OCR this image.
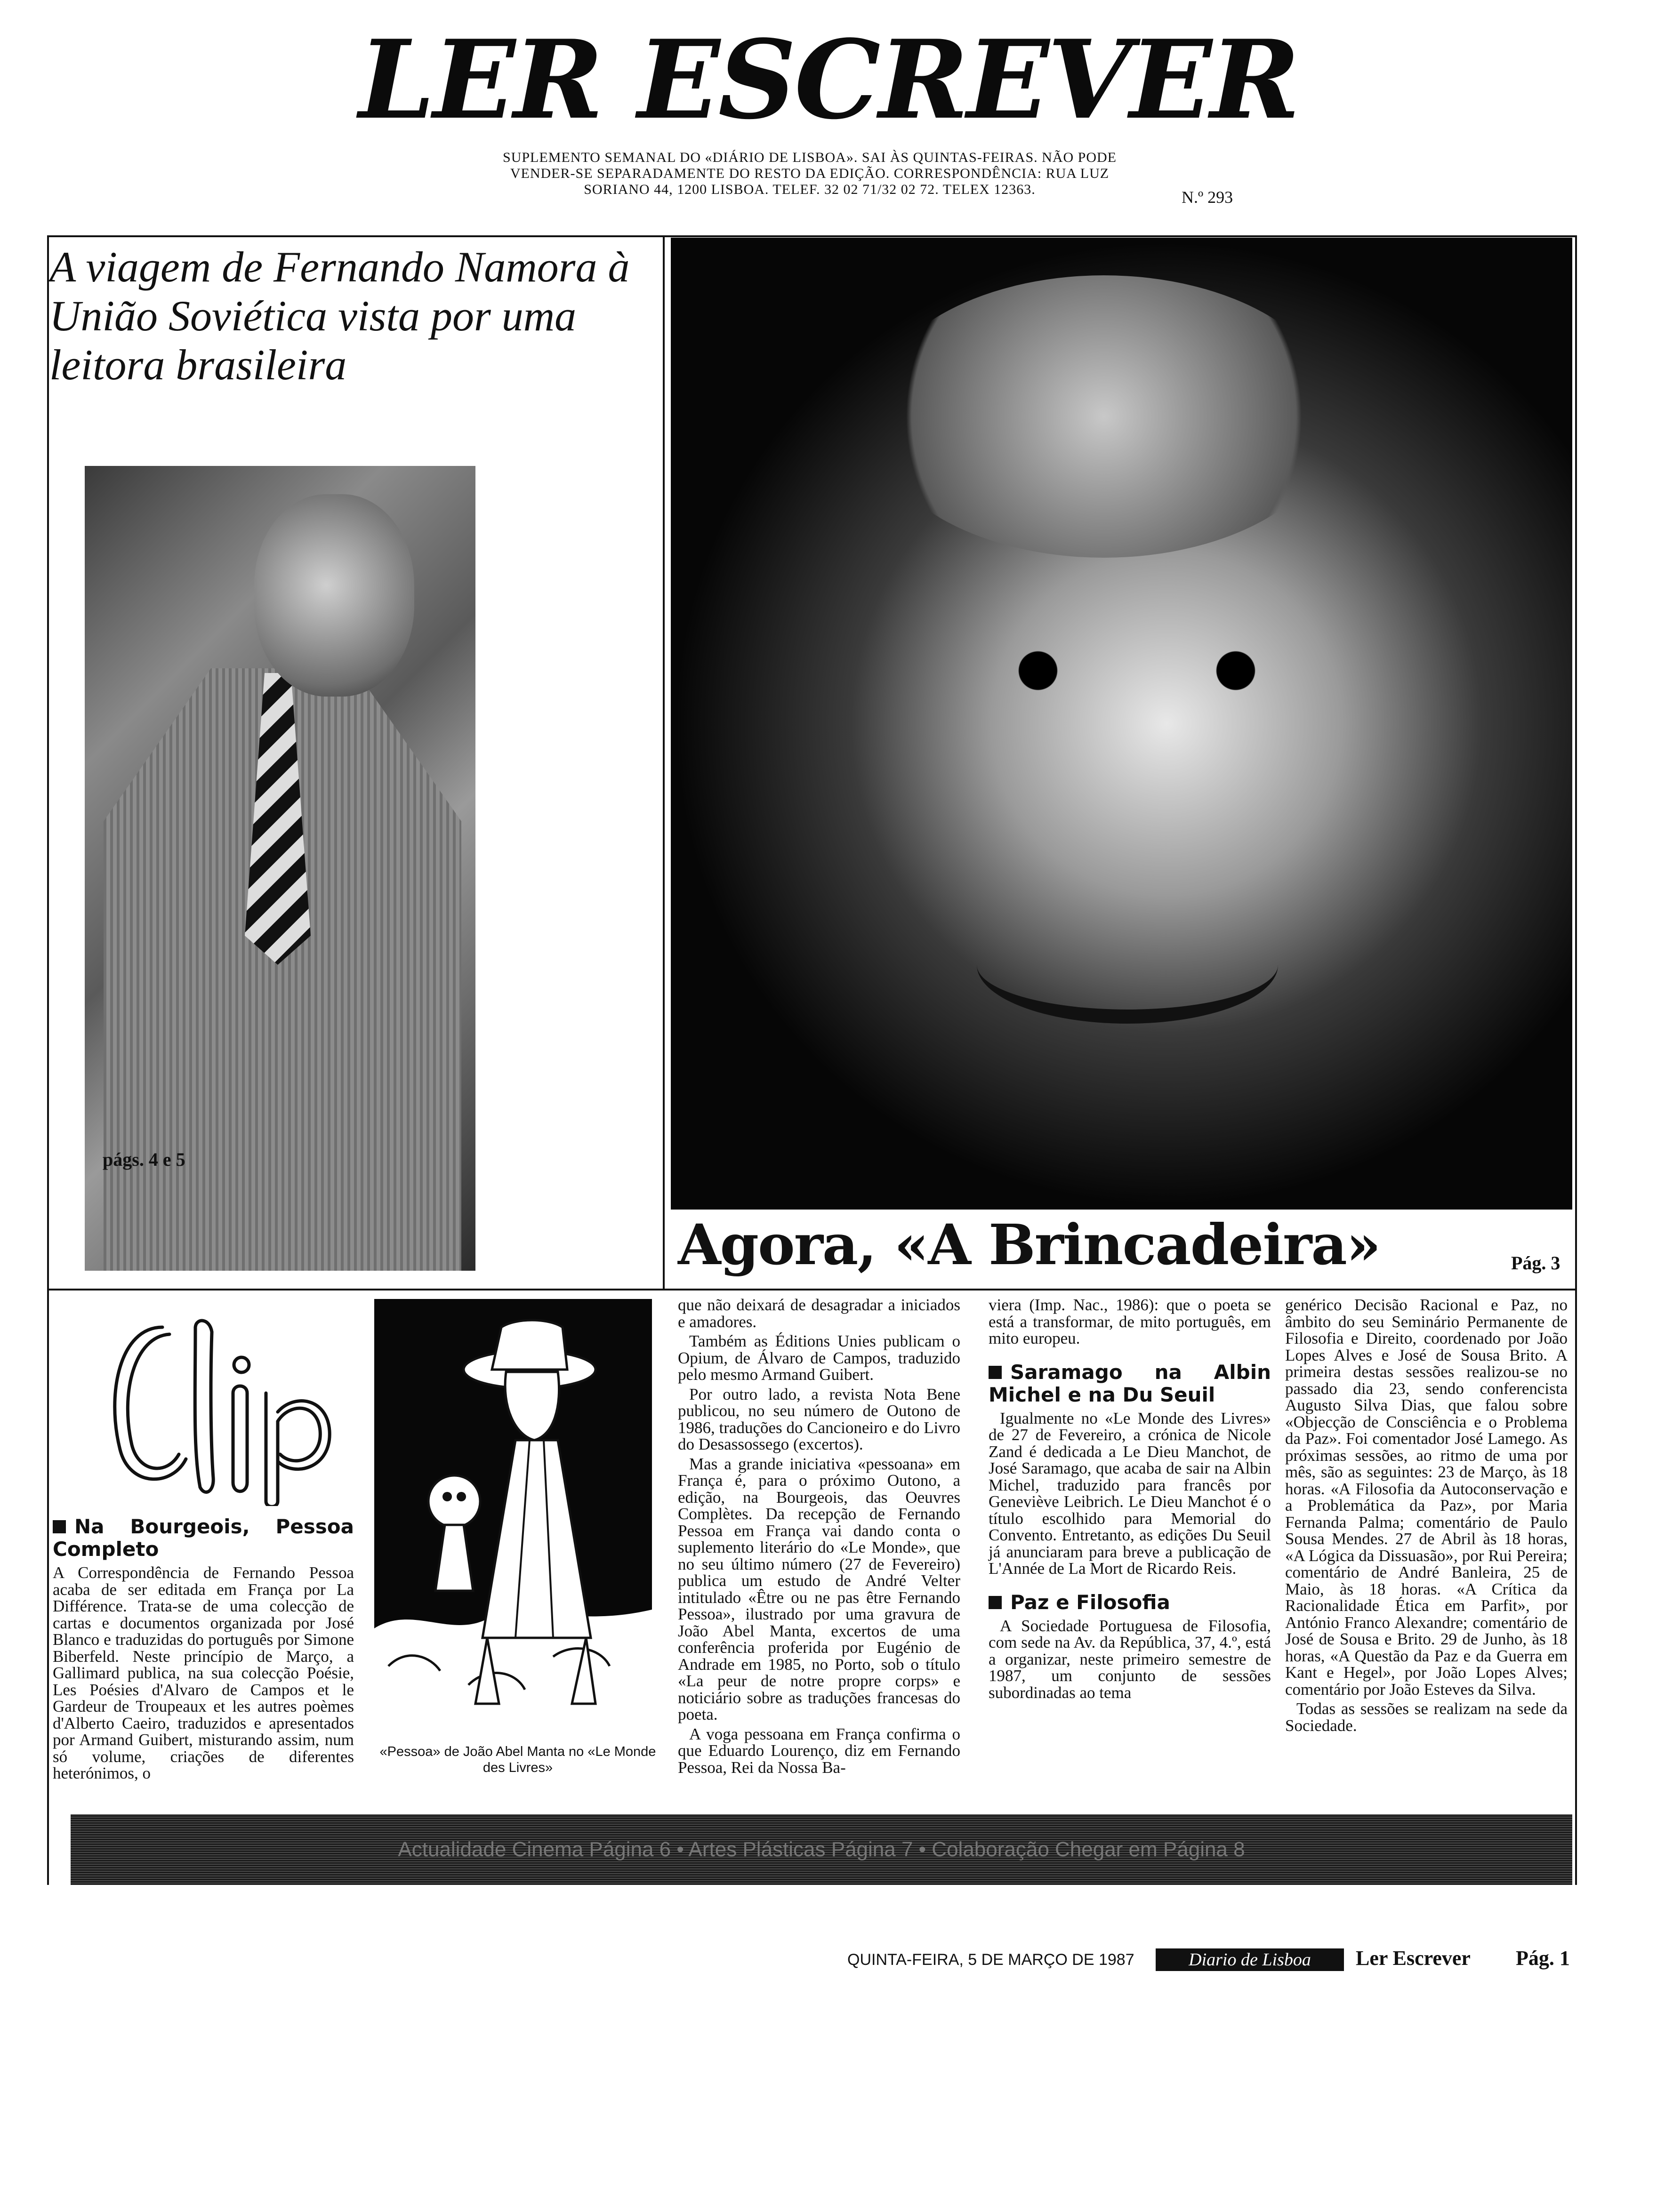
LER ESCREVER
SUPLEMENTO SEMANAL DO «DIÁRIO DE LISBOA». SAI ÀS QUINTAS-FEIRAS. NÃO PODE VENDER-SE SEPARADAMENTE DO RESTO DA EDIÇÃO. CORRESPONDÊNCIA: RUA LUZ SORIANO 44, 1200 LISBOA. TELEF. 32 02 71/32 02 72. TELEX 12363.	N.º 293
A viagem de Fernando Namora à União Soviética vista por uma leitora brasileira
págs. 4 e 5
Agora, «A Brincadeira»	Pág. 3
Na Bourgeois, Pessoa Completo

A Correspondência de Fernando Pessoa acaba de ser editada em França por La Différence. Trata-se de uma colecção de cartas e documentos organizada por José Blanco e traduzidas do português por Simone Biberfeld. Neste princípio de Março, a Gallimard publica, na sua colecção Poésie, Les Poésies d'Alvaro de Campos et le Gardeur de Troupeaux et les autres poèmes d'Alberto Caeiro, traduzidos e apresentados por Armand Guibert, misturando assim, num só volume, criações de diferentes heterónimos, o

«Pessoa» de João Abel Manta no «Le Monde des Livres»

que não deixará de desagradar a iniciados e amadores.

Também as Éditions Unies publicam o Opium, de Álvaro de Campos, traduzido pelo mesmo Armand Guibert.

Por outro lado, a revista Nota Bene publicou, no seu número de Outono de 1986, traduções do Cancioneiro e do Livro do Desassossego (excertos).

Mas a grande iniciativa «pessoana» em França é, para o próximo Outono, a edição, na Bourgeois, das Oeuvres Complètes. Da recepção de Fernando Pessoa em França vai dando conta o suplemento literário do «Le Monde», que no seu último número (27 de Fevereiro) publica um estudo de André Velter intitulado «Être ou ne pas être Fernando Pessoa», ilustrado por uma gravura de João Abel Manta, excertos de uma conferência proferida por Eugénio de Andrade em 1985, no Porto, sob o título «La peur de notre propre corps» e noticiário sobre as traduções francesas do poeta.

A voga pessoana em França confirma o que Eduardo Lourenço, diz em Fernando Pessoa, Rei da Nossa Ba-

viera (Imp. Nac., 1986): que o poeta se está a transformar, de mito português, em mito europeu.

Saramago na Albin Michel e na Du Seuil

Igualmente no «Le Monde des Livres» de 27 de Fevereiro, a crónica de Nicole Zand é dedicada a Le Dieu Manchot, de José Saramago, que acaba de sair na Albin Michel, traduzido para francês por Geneviève Leibrich. Le Dieu Manchot é o título escolhido para Memorial do Convento. Entretanto, as edições Du Seuil já anunciaram para breve a publicação de L'Année de La Mort de Ricardo Reis.

Paz e Filosofia

A Sociedade Portuguesa de Filosofia, com sede na Av. da República, 37, 4.º, está a organizar, neste primeiro semestre de 1987, um conjunto de sessões subordinadas ao tema

genérico Decisão Racional e Paz, no âmbito do seu Seminário Permanente de Filosofia e Direito, coordenado por João Lopes Alves e José de Sousa Brito. A primeira destas sessões realizou-se no passado dia 23, sendo conferencista Augusto Silva Dias, que falou sobre «Objecção de Consciência e o Problema da Paz». Foi comentador José Lamego. As próximas sessões, ao ritmo de uma por mês, são as seguintes: 23 de Março, às 18 horas. «A Filosofia da Autoconservação e a Problemática da Paz», por Maria Fernanda Palma; comentário de Paulo Sousa Mendes. 27 de Abril às 18 horas, «A Lógica da Dissuasão», por Rui Pereira; comentário de André Banleira, 25 de Maio, às 18 horas. «A Crítica da Racionalidade Ética em Parfit», por António Franco Alexandre; comentário de José de Sousa e Brito. 29 de Junho, às 18 horas, «A Questão da Paz e da Guerra em Kant e Hegel», por João Lopes Alves; comentário por João Esteves da Silva.

Todas as sessões se realizam na sede da Sociedade.

Actualidade Cinema Página 6 • Artes Plásticas Página 7 • Colaboração Chegar em Página 8
QUINTA-FEIRA, 5 DE MARÇO DE 1987	Diario de Lisboa	Ler Escrever Pág. 1
